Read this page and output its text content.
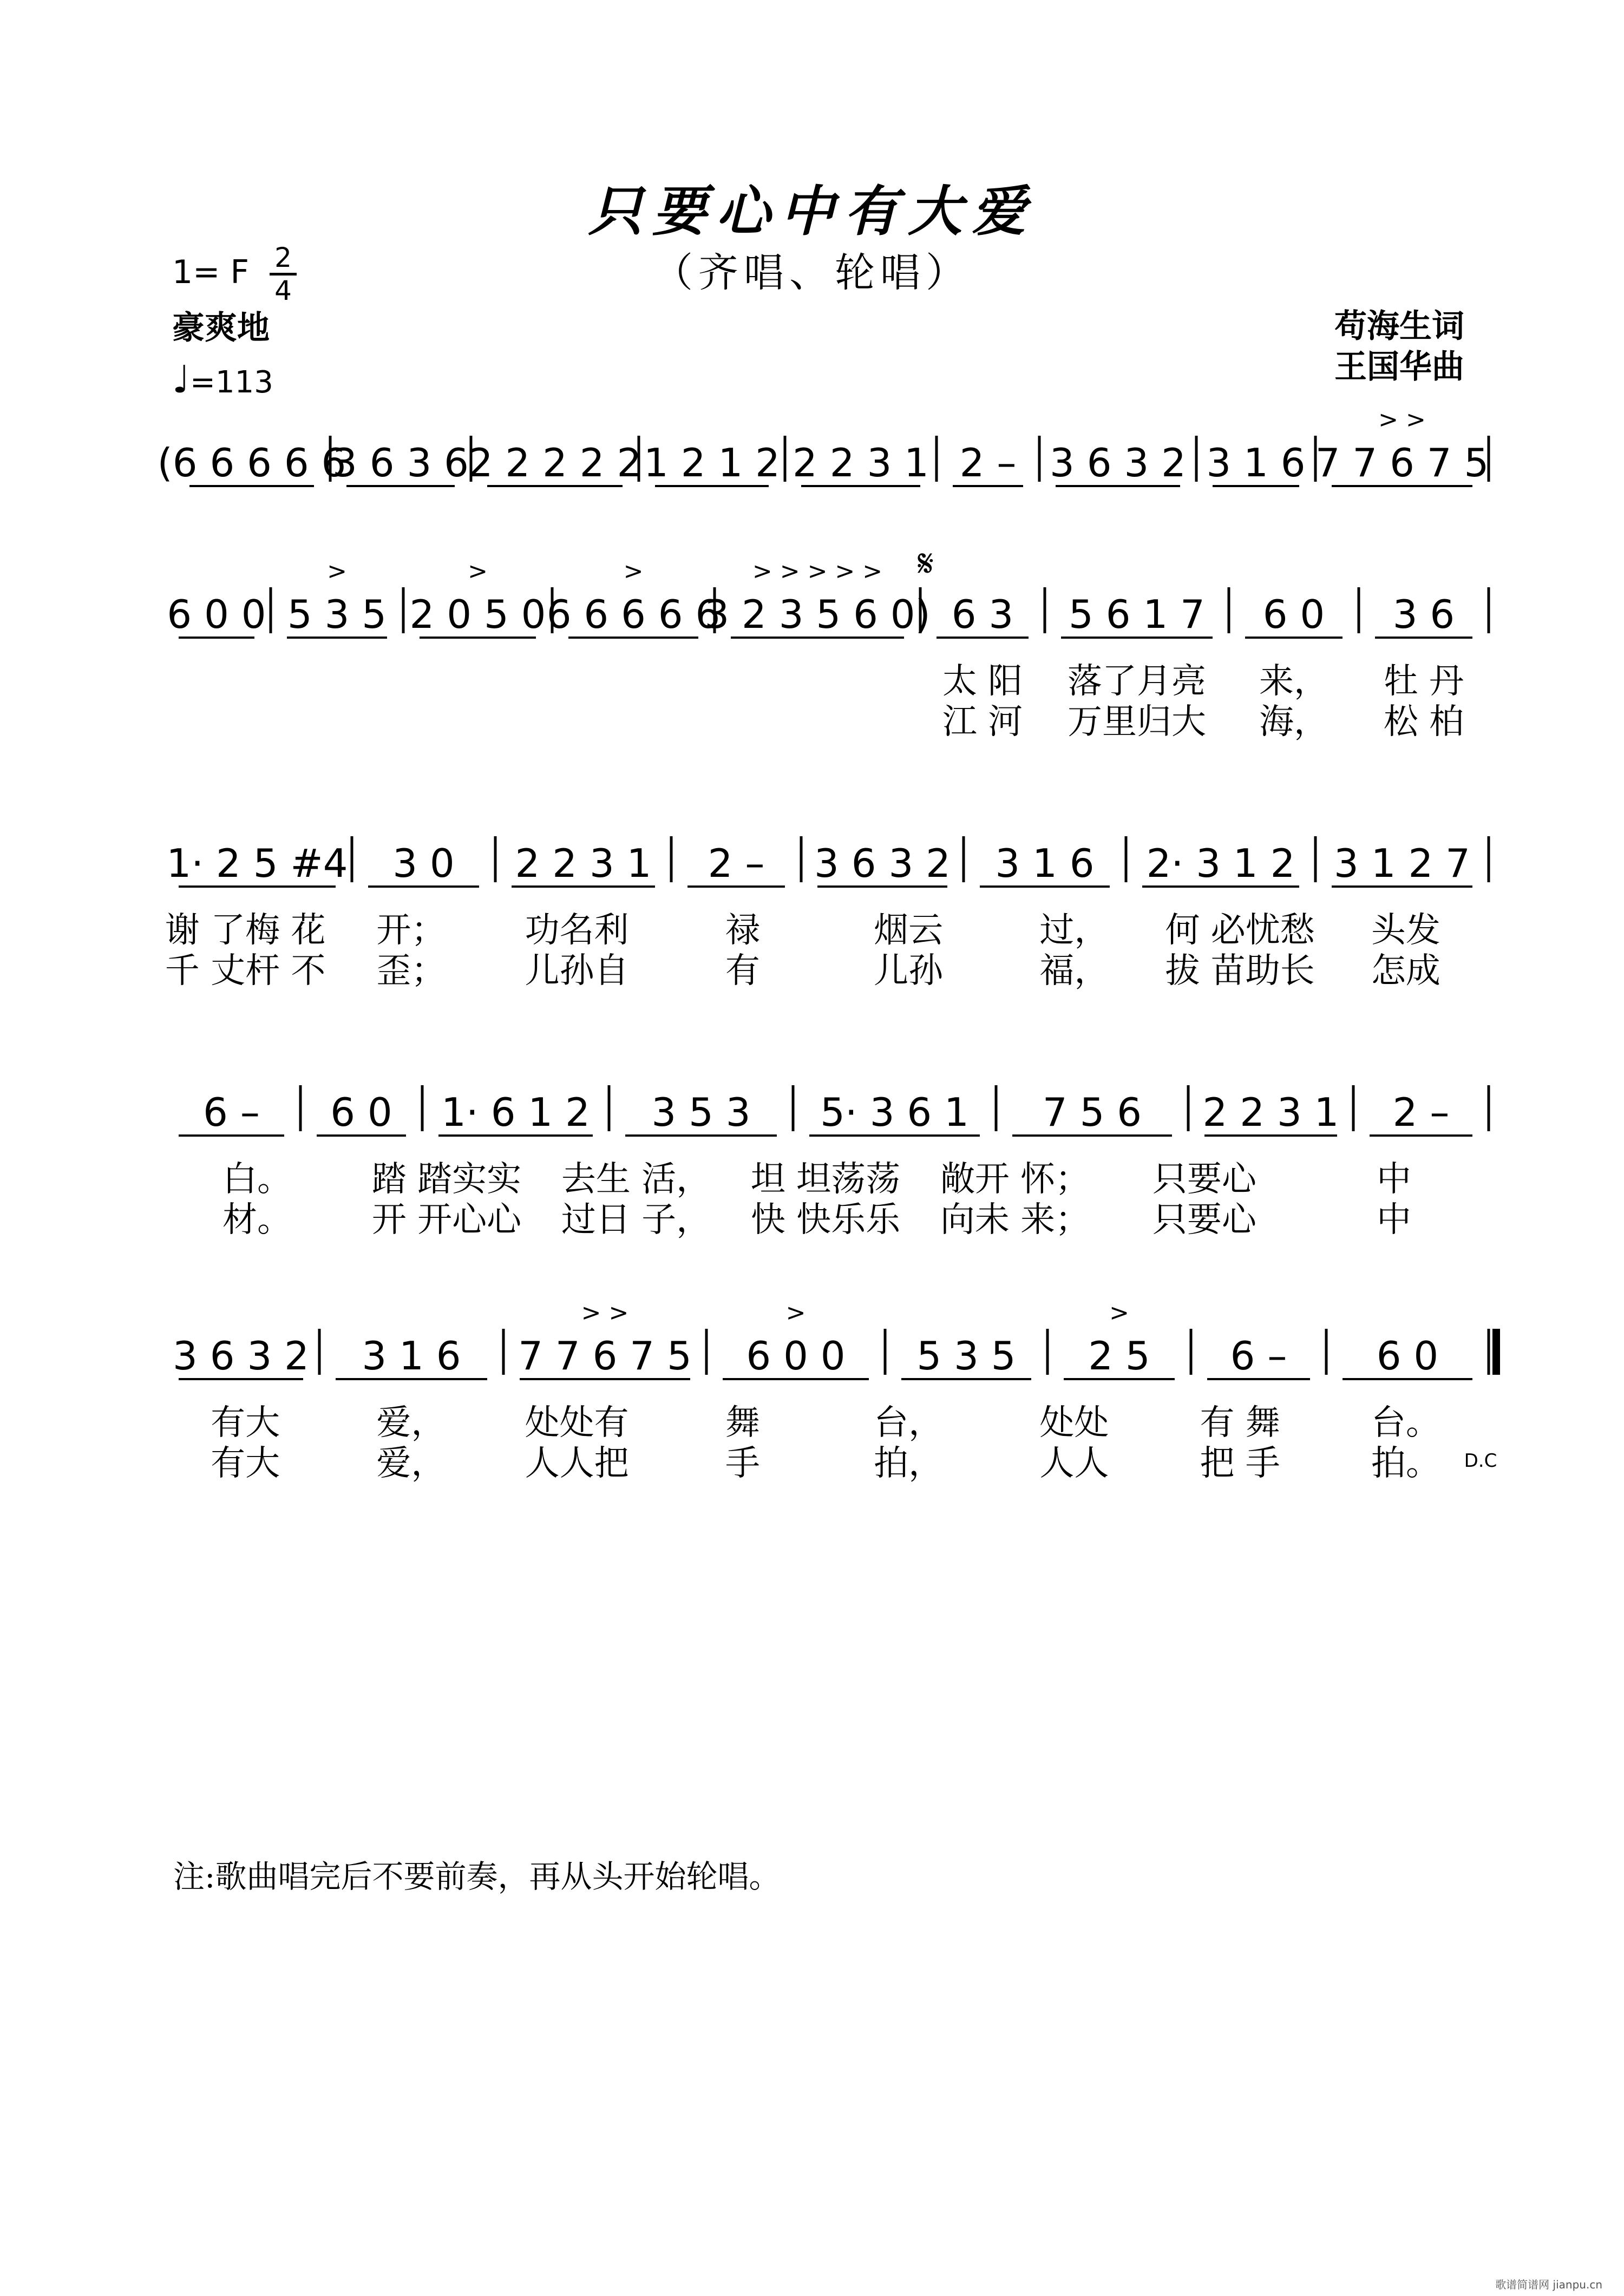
只要心中有大爱
（齐唱、轮唱）
1= F 2
4
豪爽地
♩=113
苟海生词
王国华曲
(6 6 6 6 6
3 6 3 6
2 2 2 2 2 1 2 1 2 2 2 3 1 2 – 3 6 3 2 3 1 6 7 7 6 7 5
> >
6 0 0 5 3 5 2 0 5 0 6 6 6 6 6
3 2 3 5 6 0) 6 3 5 6 1 7 6 0 3 6
>	>	>	> > > > > 𝄋
太 阳 落了月亮 来， 牡 丹
江 河 万里归大 海， 松 柏
1· 2 5 #4 3 0 2 2 3 1 2 – 3 6 3 2 3 1 6 2· 3 1 2 3 1 2 7
谢 了梅 花 开； 功名利	禄	烟云	过， 何 必忧愁 头发
千 丈杆 不 歪； 儿孙自	有	儿孙	福， 拔 苗助长 怎成
6 – 6 0 1· 6 1 2 3 5 3 5· 3 6 1 7 5 6 2 2 3 1 2 –
白。 踏 踏实实 去生 活， 坦 坦荡荡 敞开 怀； 只要心	中
材。 开 开心心 过日 子， 快 快乐乐 向未 来； 只要心	中
3 6 3 2 3 1 6 7 7 6 7 5 6 0 0 5 3 5 2 5 6 – 6 0
> >	>	>
有大	爱， 处处有	舞	台，	处处	有 舞	台。
有大	爱， 人人把	手	拍，	人人	把 手	拍。 D.C
注:歌曲唱完后不要前奏，再从头开始轮唱。
歌谱简谱网 jianpu.cn
